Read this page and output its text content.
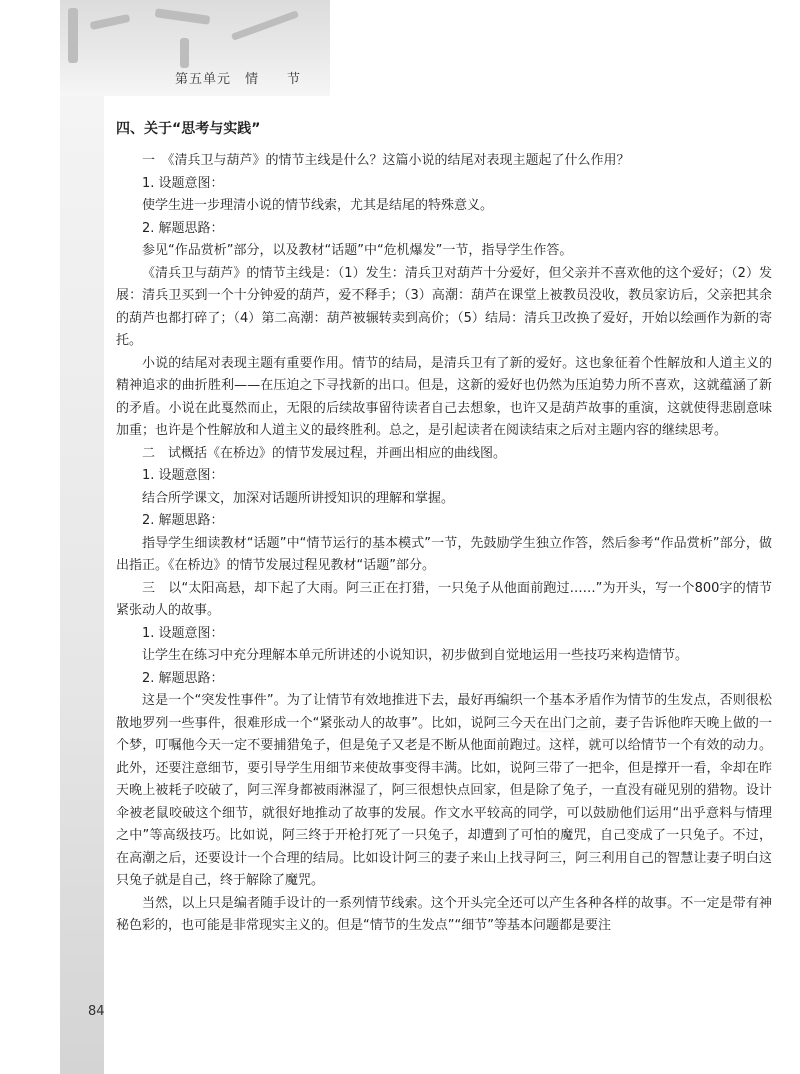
第五单元　情　　节
四、关于“思考与实践”

一　《清兵卫与葫芦》的情节主线是什么？这篇小说的结尾对表现主题起了什么作用？

1. 设题意图：

使学生进一步理清小说的情节线索，尤其是结尾的特殊意义。

2. 解题思路：

参见“作品赏析”部分，以及教材“话题”中“危机爆发”一节，指导学生作答。

《清兵卫与葫芦》的情节主线是：（1）发生：清兵卫对葫芦十分爱好，但父亲并不喜欢他的这个爱好；（2）发展：清兵卫买到一个十分钟爱的葫芦，爱不释手；（3）高潮：葫芦在课堂上被教员没收，教员家访后，父亲把其余的葫芦也都打碎了；（4）第二高潮：葫芦被辗转卖到高价；（5）结局：清兵卫改换了爱好，开始以绘画作为新的寄托。

小说的结尾对表现主题有重要作用。情节的结局，是清兵卫有了新的爱好。这也象征着个性解放和人道主义的精神追求的曲折胜利——在压迫之下寻找新的出口。但是，这新的爱好也仍然为压迫势力所不喜欢，这就蕴涵了新的矛盾。小说在此戛然而止，无限的后续故事留待读者自己去想象，也许又是葫芦故事的重演，这就使得悲剧意味加重；也许是个性解放和人道主义的最终胜利。总之，是引起读者在阅读结束之后对主题内容的继续思考。

二　试概括《在桥边》的情节发展过程，并画出相应的曲线图。

1. 设题意图：

结合所学课文，加深对话题所讲授知识的理解和掌握。

2. 解题思路：

指导学生细读教材“话题”中“情节运行的基本模式”一节，先鼓励学生独立作答，然后参考“作品赏析”部分，做出指正。《在桥边》的情节发展过程见教材“话题”部分。

三　以“太阳高悬，却下起了大雨。阿三正在打猎，一只兔子从他面前跑过……”为开头，写一个800字的情节紧张动人的故事。

1. 设题意图：

让学生在练习中充分理解本单元所讲述的小说知识，初步做到自觉地运用一些技巧来构造情节。

2. 解题思路：

这是一个“突发性事件”。为了让情节有效地推进下去，最好再编织一个基本矛盾作为情节的生发点，否则很松散地罗列一些事件，很难形成一个“紧张动人的故事”。比如，说阿三今天在出门之前，妻子告诉他昨天晚上做的一个梦，叮嘱他今天一定不要捕猎兔子，但是兔子又老是不断从他面前跑过。这样，就可以给情节一个有效的动力。此外，还要注意细节，要引导学生用细节来使故事变得丰满。比如，说阿三带了一把伞，但是撑开一看，伞却在昨天晚上被耗子咬破了，阿三浑身都被雨淋湿了，阿三很想快点回家，但是除了兔子，一直没有碰见别的猎物。设计伞被老鼠咬破这个细节，就很好地推动了故事的发展。作文水平较高的同学，可以鼓励他们运用“出乎意料与情理之中”等高级技巧。比如说，阿三终于开枪打死了一只兔子，却遭到了可怕的魔咒，自己变成了一只兔子。不过，在高潮之后，还要设计一个合理的结局。比如设计阿三的妻子来山上找寻阿三，阿三利用自己的智慧让妻子明白这只兔子就是自己，终于解除了魔咒。

当然，以上只是编者随手设计的一系列情节线索。这个开头完全还可以产生各种各样的故事。不一定是带有神秘色彩的，也可能是非常现实主义的。但是“情节的生发点”“细节”等基本问题都是要注

84
